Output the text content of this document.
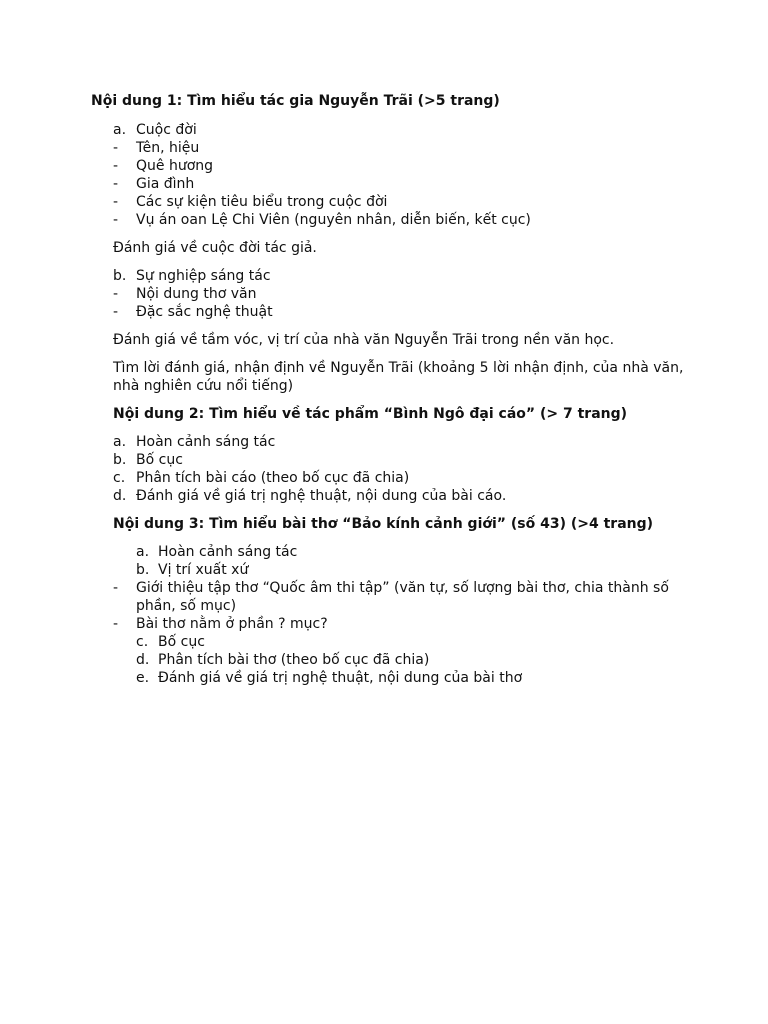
Nội dung 1: Tìm hiểu tác gia Nguyễn Trãi (>5 trang)
a. Cuộc đời
- Tên, hiệu
- Quê hương
- Gia đình
- Các sự kiện tiêu biểu trong cuộc đời
- Vụ án oan Lệ Chi Viên (nguyên nhân, diễn biến, kết cục)
Đánh giá về cuộc đời tác giả.
b. Sự nghiệp sáng tác
- Nội dung thơ văn
- Đặc sắc nghệ thuật
Đánh giá về tầm vóc, vị trí của nhà văn Nguyễn Trãi trong nền văn học.
Tìm lời đánh giá, nhận định về Nguyễn Trãi (khoảng 5 lời nhận định, của nhà văn,
nhà nghiên cứu nổi tiếng)
Nội dung 2: Tìm hiểu về tác phẩm “Bình Ngô đại cáo” (> 7 trang)
a. Hoàn cảnh sáng tác
b. Bố cục
c. Phân tích bài cáo (theo bố cục đã chia)
d. Đánh giá về giá trị nghệ thuật, nội dung của bài cáo.
Nội dung 3: Tìm hiểu bài thơ “Bảo kính cảnh giới” (số 43) (>4 trang)
a. Hoàn cảnh sáng tác
b. Vị trí xuất xứ
- Giới thiệu tập thơ “Quốc âm thi tập” (văn tự, số lượng bài thơ, chia thành số
phần, số mục)
- Bài thơ nằm ở phần ? mục?
c. Bố cục
d. Phân tích bài thơ (theo bố cục đã chia)
e. Đánh giá về giá trị nghệ thuật, nội dung của bài thơ
